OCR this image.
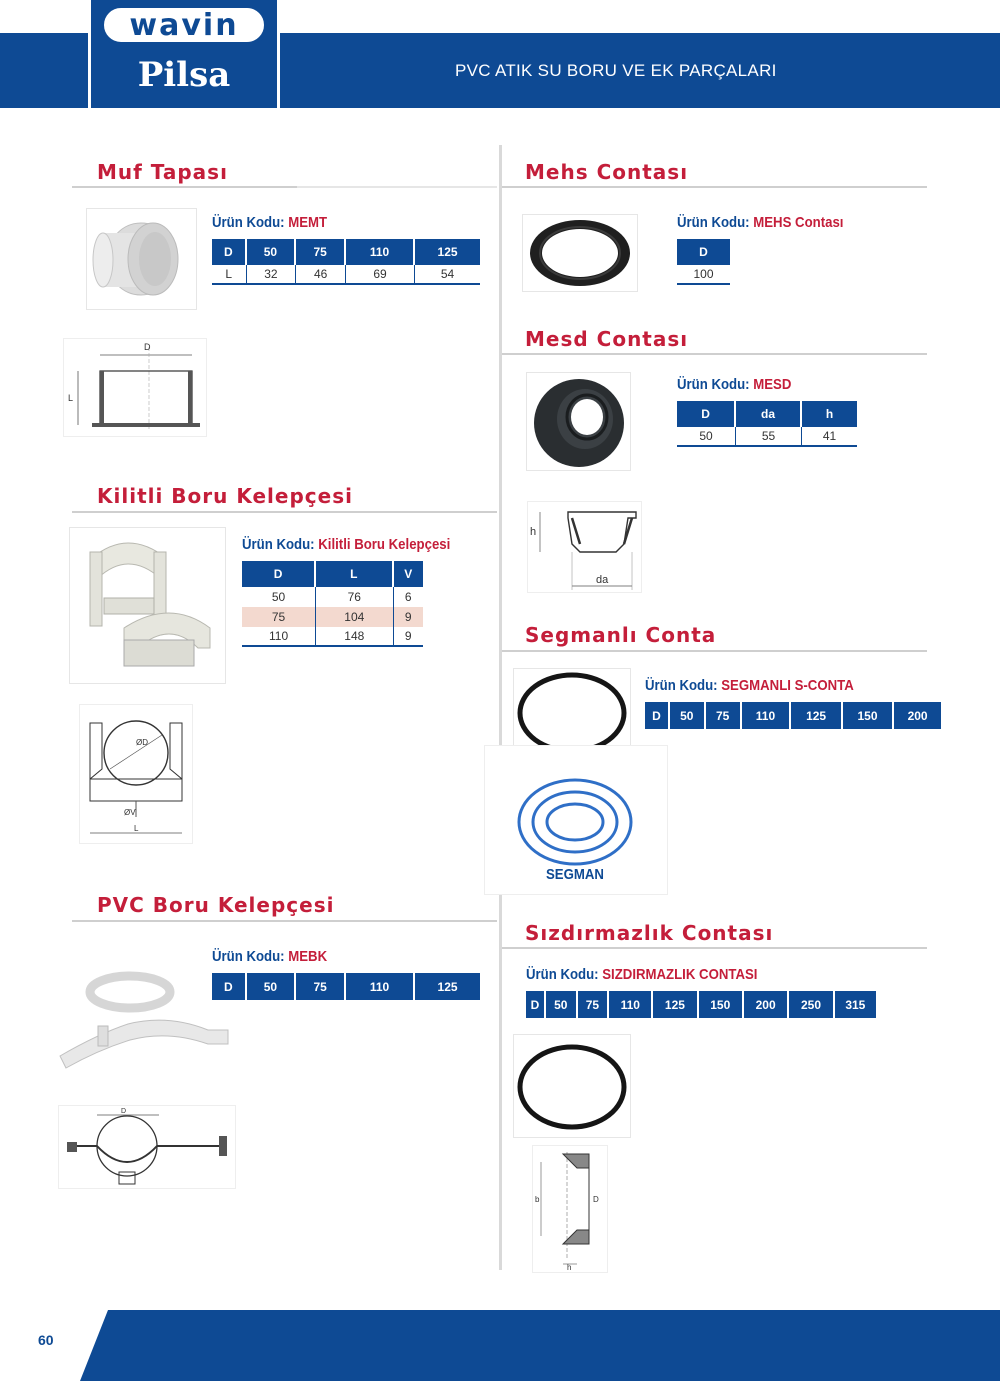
wavin
Pilsa	PVC ATIK SU BORU VE EK PARÇALARI
Muf Tapası
Ürün Kodu: MEMT
D	50	75	110	125
L	32	46	69	54
D
L
Kilitli Boru Kelepçesi
Ürün Kodu: Kilitli Boru Kelepçesi
D	L	V
50	76	6
75	104	9
110	148	9
ØD
ØV
L
PVC Boru Kelepçesi
Ürün Kodu: MEBK
D	50	75	110	125
D
Mehs Contası
Ürün Kodu: MEHS Contası
D
100
Mesd Contası
Ürün Kodu: MESD
D	da	h
50	55	41
h
da
Segmanlı Conta
SEGMAN
Ürün Kodu: SEGMANLI S-CONTA
D	50	75	110	125	150	200
Sızdırmazlık Contası
Ürün Kodu: SIZDIRMAZLIK CONTASI
D	50	75	110	125	150	200	250	315
b	D
h
60
